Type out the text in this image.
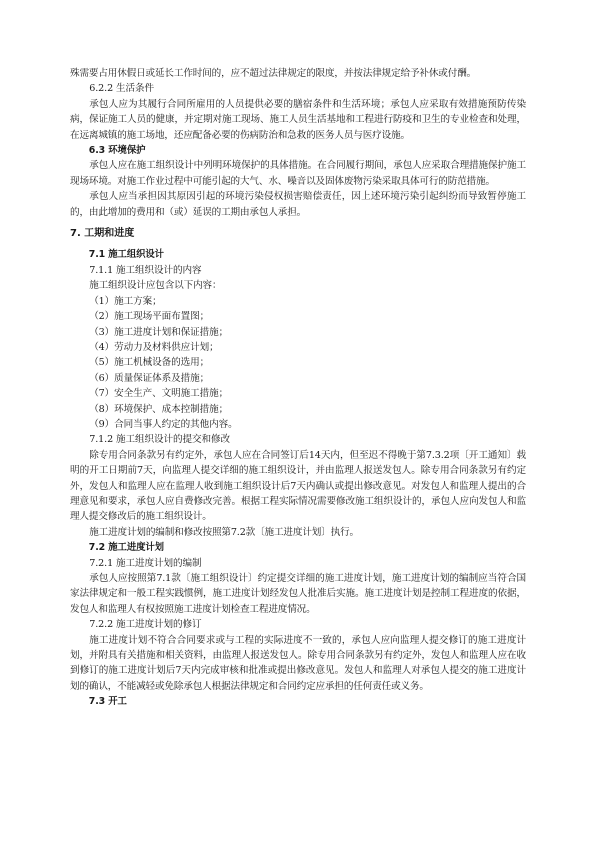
殊需要占用休假日或延长工作时间的，应不超过法律规定的限度，并按法律规定给予补休或付酬。

6.2.2 生活条件

承包人应为其履行合同所雇用的人员提供必要的膳宿条件和生活环境；承包人应采取有效措施预防传染病，保证施工人员的健康，并定期对施工现场、施工人员生活基地和工程进行防疫和卫生的专业检查和处理， 在远离城镇的施工场地，还应配备必要的伤病防治和急救的医务人员与医疗设施。

6.3 环境保护

承包人应在施工组织设计中列明环境保护的具体措施。在合同履行期间，承包人应采取合理措施保护施工现场环境。对施工作业过程中可能引起的大气、水、噪音以及固体废物污染采取具体可行的防范措施。

承包人应当承担因其原因引起的环境污染侵权损害赔偿责任，因上述环境污染引起纠纷而导致暂停施工的，由此增加的费用和（或）延误的工期由承包人承担。

7. 工期和进度

7.1 施工组织设计

7.1.1 施工组织设计的内容

施工组织设计应包含以下内容：

（1）施工方案；

（2）施工现场平面布置图；

（3）施工进度计划和保证措施；

（4）劳动力及材料供应计划；

（5）施工机械设备的选用；

（6）质量保证体系及措施；

（7）安全生产、文明施工措施；

（8）环境保护、成本控制措施；

（9）合同当事人约定的其他内容。

7.1.2 施工组织设计的提交和修改

除专用合同条款另有约定外，承包人应在合同签订后14天内，但至迟不得晚于第7.3.2项〔开工通知〕载明的开工日期前7天，向监理人提交详细的施工组织设计，并由监理人报送发包人。除专用合同条款另有约定外，发包人和监理人应在监理人收到施工组织设计后7天内确认或提出修改意见。对发包人和监理人提出的合理意见和要求，承包人应自费修改完善。根据工程实际情况需要修改施工组织设计的，承包人应向发包人和监理人提交修改后的施工组织设计。

施工进度计划的编制和修改按照第7.2款〔施工进度计划〕执行。

7.2 施工进度计划

7.2.1 施工进度计划的编制

承包人应按照第7.1款〔施工组织设计〕约定提交详细的施工进度计划，施工进度计划的编制应当符合国家法律规定和一般工程实践惯例，施工进度计划经发包人批准后实施。施工进度计划是控制工程进度的依据，发包人和监理人有权按照施工进度计划检查工程进度情况。

7.2.2 施工进度计划的修订

施工进度计划不符合合同要求或与工程的实际进度不一致的，承包人应向监理人提交修订的施工进度计划，并附具有关措施和相关资料，由监理人报送发包人。除专用合同条款另有约定外，发包人和监理人应在收到修订的施工进度计划后7天内完成审核和批准或提出修改意见。发包人和监理人对承包人提交的施工进度计划的确认，不能减轻或免除承包人根据法律规定和合同约定应承担的任何责任或义务。

7.3 开工
